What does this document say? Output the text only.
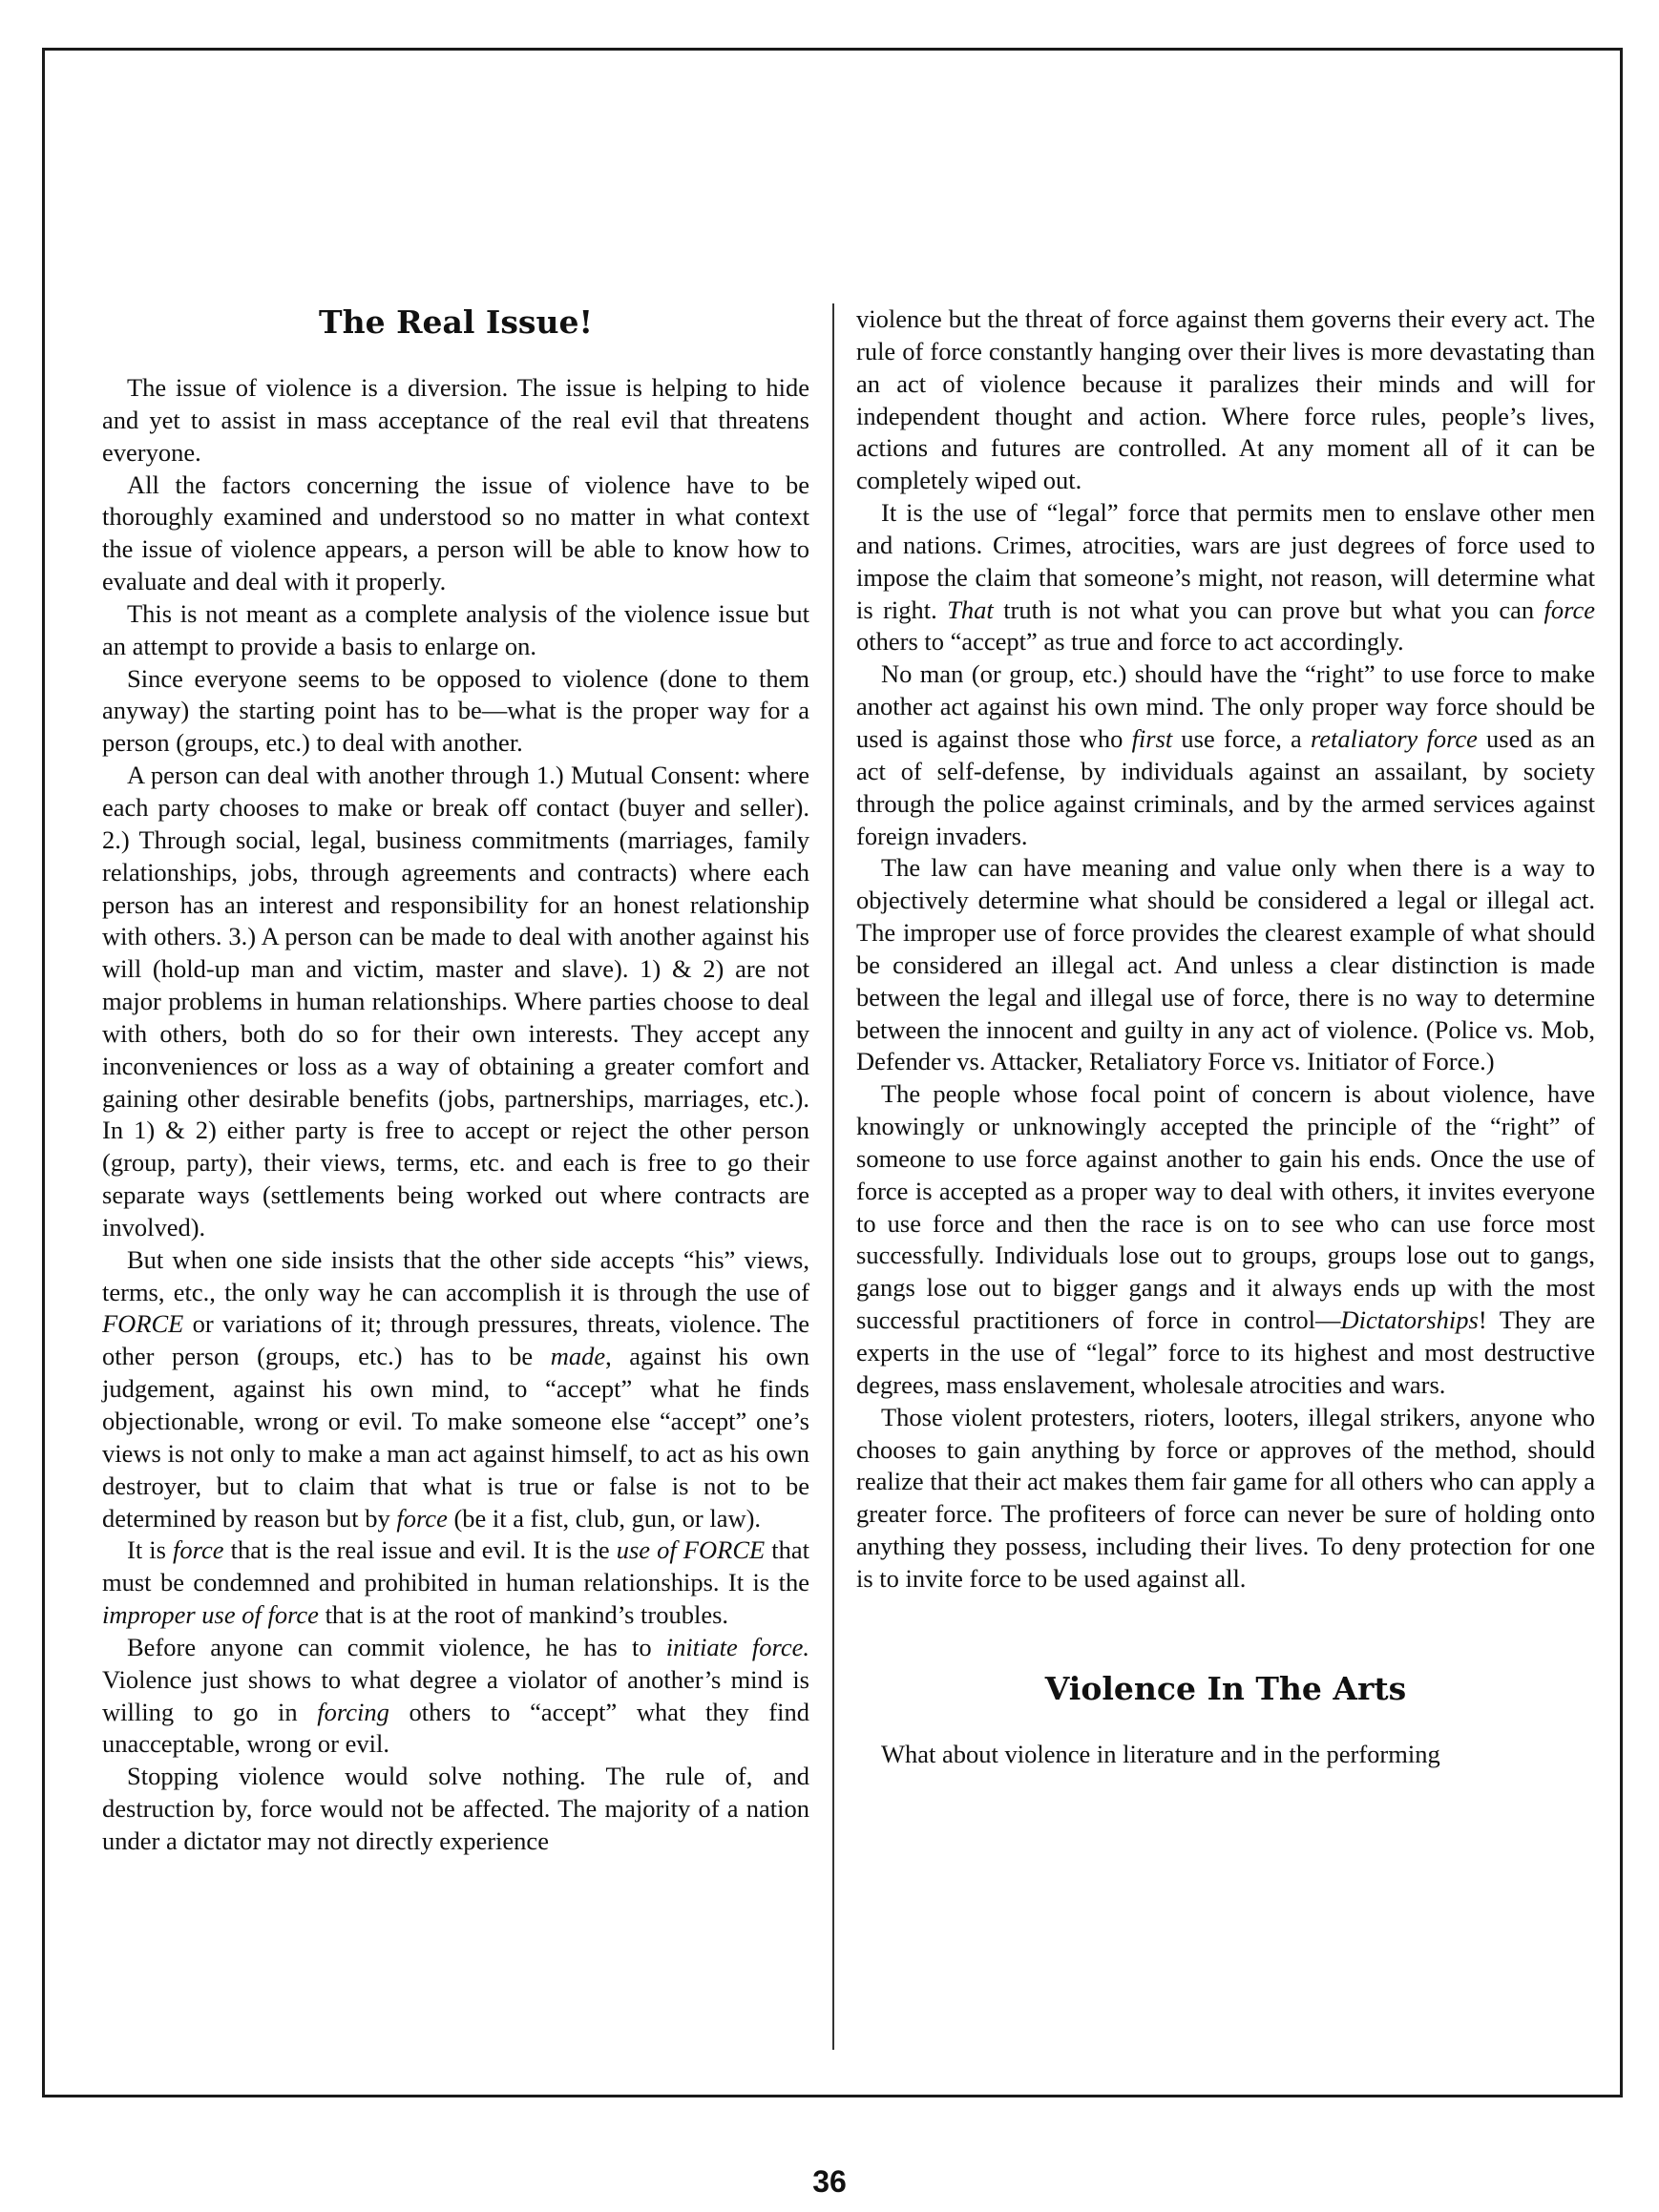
The Real Issue!

The issue of violence is a diversion. The issue is helping to hide and yet to assist in mass acceptance of the real evil that threatens everyone.

All the factors concerning the issue of violence have to be thoroughly examined and understood so no matter in what context the issue of violence appears, a person will be able to know how to evaluate and deal with it properly.

This is not meant as a complete analysis of the violence issue but an attempt to provide a basis to enlarge on.

Since everyone seems to be opposed to violence (done to them anyway) the starting point has to be—what is the proper way for a person (groups, etc.) to deal with another.

A person can deal with another through 1.) Mutual Consent: where each party chooses to make or break off contact (buyer and seller). 2.) Through social, legal, business commitments (marriages, family relationships, jobs, through agreements and contracts) where each person has an interest and responsibility for an honest relationship with others. 3.) A person can be made to deal with another against his will (hold-up man and victim, master and slave). 1) & 2) are not major problems in human relationships. Where parties choose to deal with others, both do so for their own interests. They accept any inconveniences or loss as a way of obtaining a greater comfort and gaining other desirable benefits (jobs, partnerships, marriages, etc.). In 1) & 2) either party is free to accept or reject the other person (group, party), their views, terms, etc. and each is free to go their separate ways (settlements being worked out where contracts are involved).

But when one side insists that the other side accepts “his” views, terms, etc., the only way he can accomplish it is through the use of FORCE or variations of it; through pressures, threats, violence. The other person (groups, etc.) has to be made, against his own judgement, against his own mind, to “accept” what he finds objectionable, wrong or evil. To make someone else “accept” one’s views is not only to make a man act against himself, to act as his own destroyer, but to claim that what is true or false is not to be determined by reason but by force (be it a fist, club, gun, or law).

It is force that is the real issue and evil. It is the use of FORCE that must be condemned and prohibited in human relationships. It is the improper use of force that is at the root of mankind’s troubles.

Before anyone can commit violence, he has to initiate force. Violence just shows to what degree a violator of another’s mind is willing to go in forcing others to “accept” what they find unacceptable, wrong or evil.

Stopping violence would solve nothing. The rule of, and destruction by, force would not be affected. The majority of a nation under a dictator may not directly experience

violence but the threat of force against them governs their every act. The rule of force constantly hanging over their lives is more devastating than an act of violence because it paralizes their minds and will for independent thought and action. Where force rules, people’s lives, actions and futures are controlled. At any moment all of it can be completely wiped out.

It is the use of “legal” force that permits men to enslave other men and nations. Crimes, atrocities, wars are just degrees of force used to impose the claim that someone’s might, not reason, will determine what is right. That truth is not what you can prove but what you can force others to “accept” as true and force to act accordingly.

No man (or group, etc.) should have the “right” to use force to make another act against his own mind. The only proper way force should be used is against those who first use force, a retaliatory force used as an act of self-defense, by individuals against an assailant, by society through the police against criminals, and by the armed services against foreign invaders.

The law can have meaning and value only when there is a way to objectively determine what should be considered a legal or illegal act. The improper use of force provides the clearest example of what should be considered an illegal act. And unless a clear distinction is made between the legal and illegal use of force, there is no way to determine between the innocent and guilty in any act of violence. (Police vs. Mob, Defender vs. Attacker, Retaliatory Force vs. Initiator of Force.)

The people whose focal point of concern is about violence, have knowingly or unknowingly accepted the principle of the “right” of someone to use force against another to gain his ends. Once the use of force is accepted as a proper way to deal with others, it invites everyone to use force and then the race is on to see who can use force most successfully. Individuals lose out to groups, groups lose out to gangs, gangs lose out to bigger gangs and it always ends up with the most successful practitioners of force in control—Dictatorships! They are experts in the use of “legal” force to its highest and most destructive degrees, mass enslavement, wholesale atrocities and wars.

Those violent protesters, rioters, looters, illegal strikers, anyone who chooses to gain anything by force or approves of the method, should realize that their act makes them fair game for all others who can apply a greater force. The profiteers of force can never be sure of holding onto anything they possess, including their lives. To deny protection for one is to invite force to be used against all.

Violence In The Arts

What about violence in literature and in the performing

36
